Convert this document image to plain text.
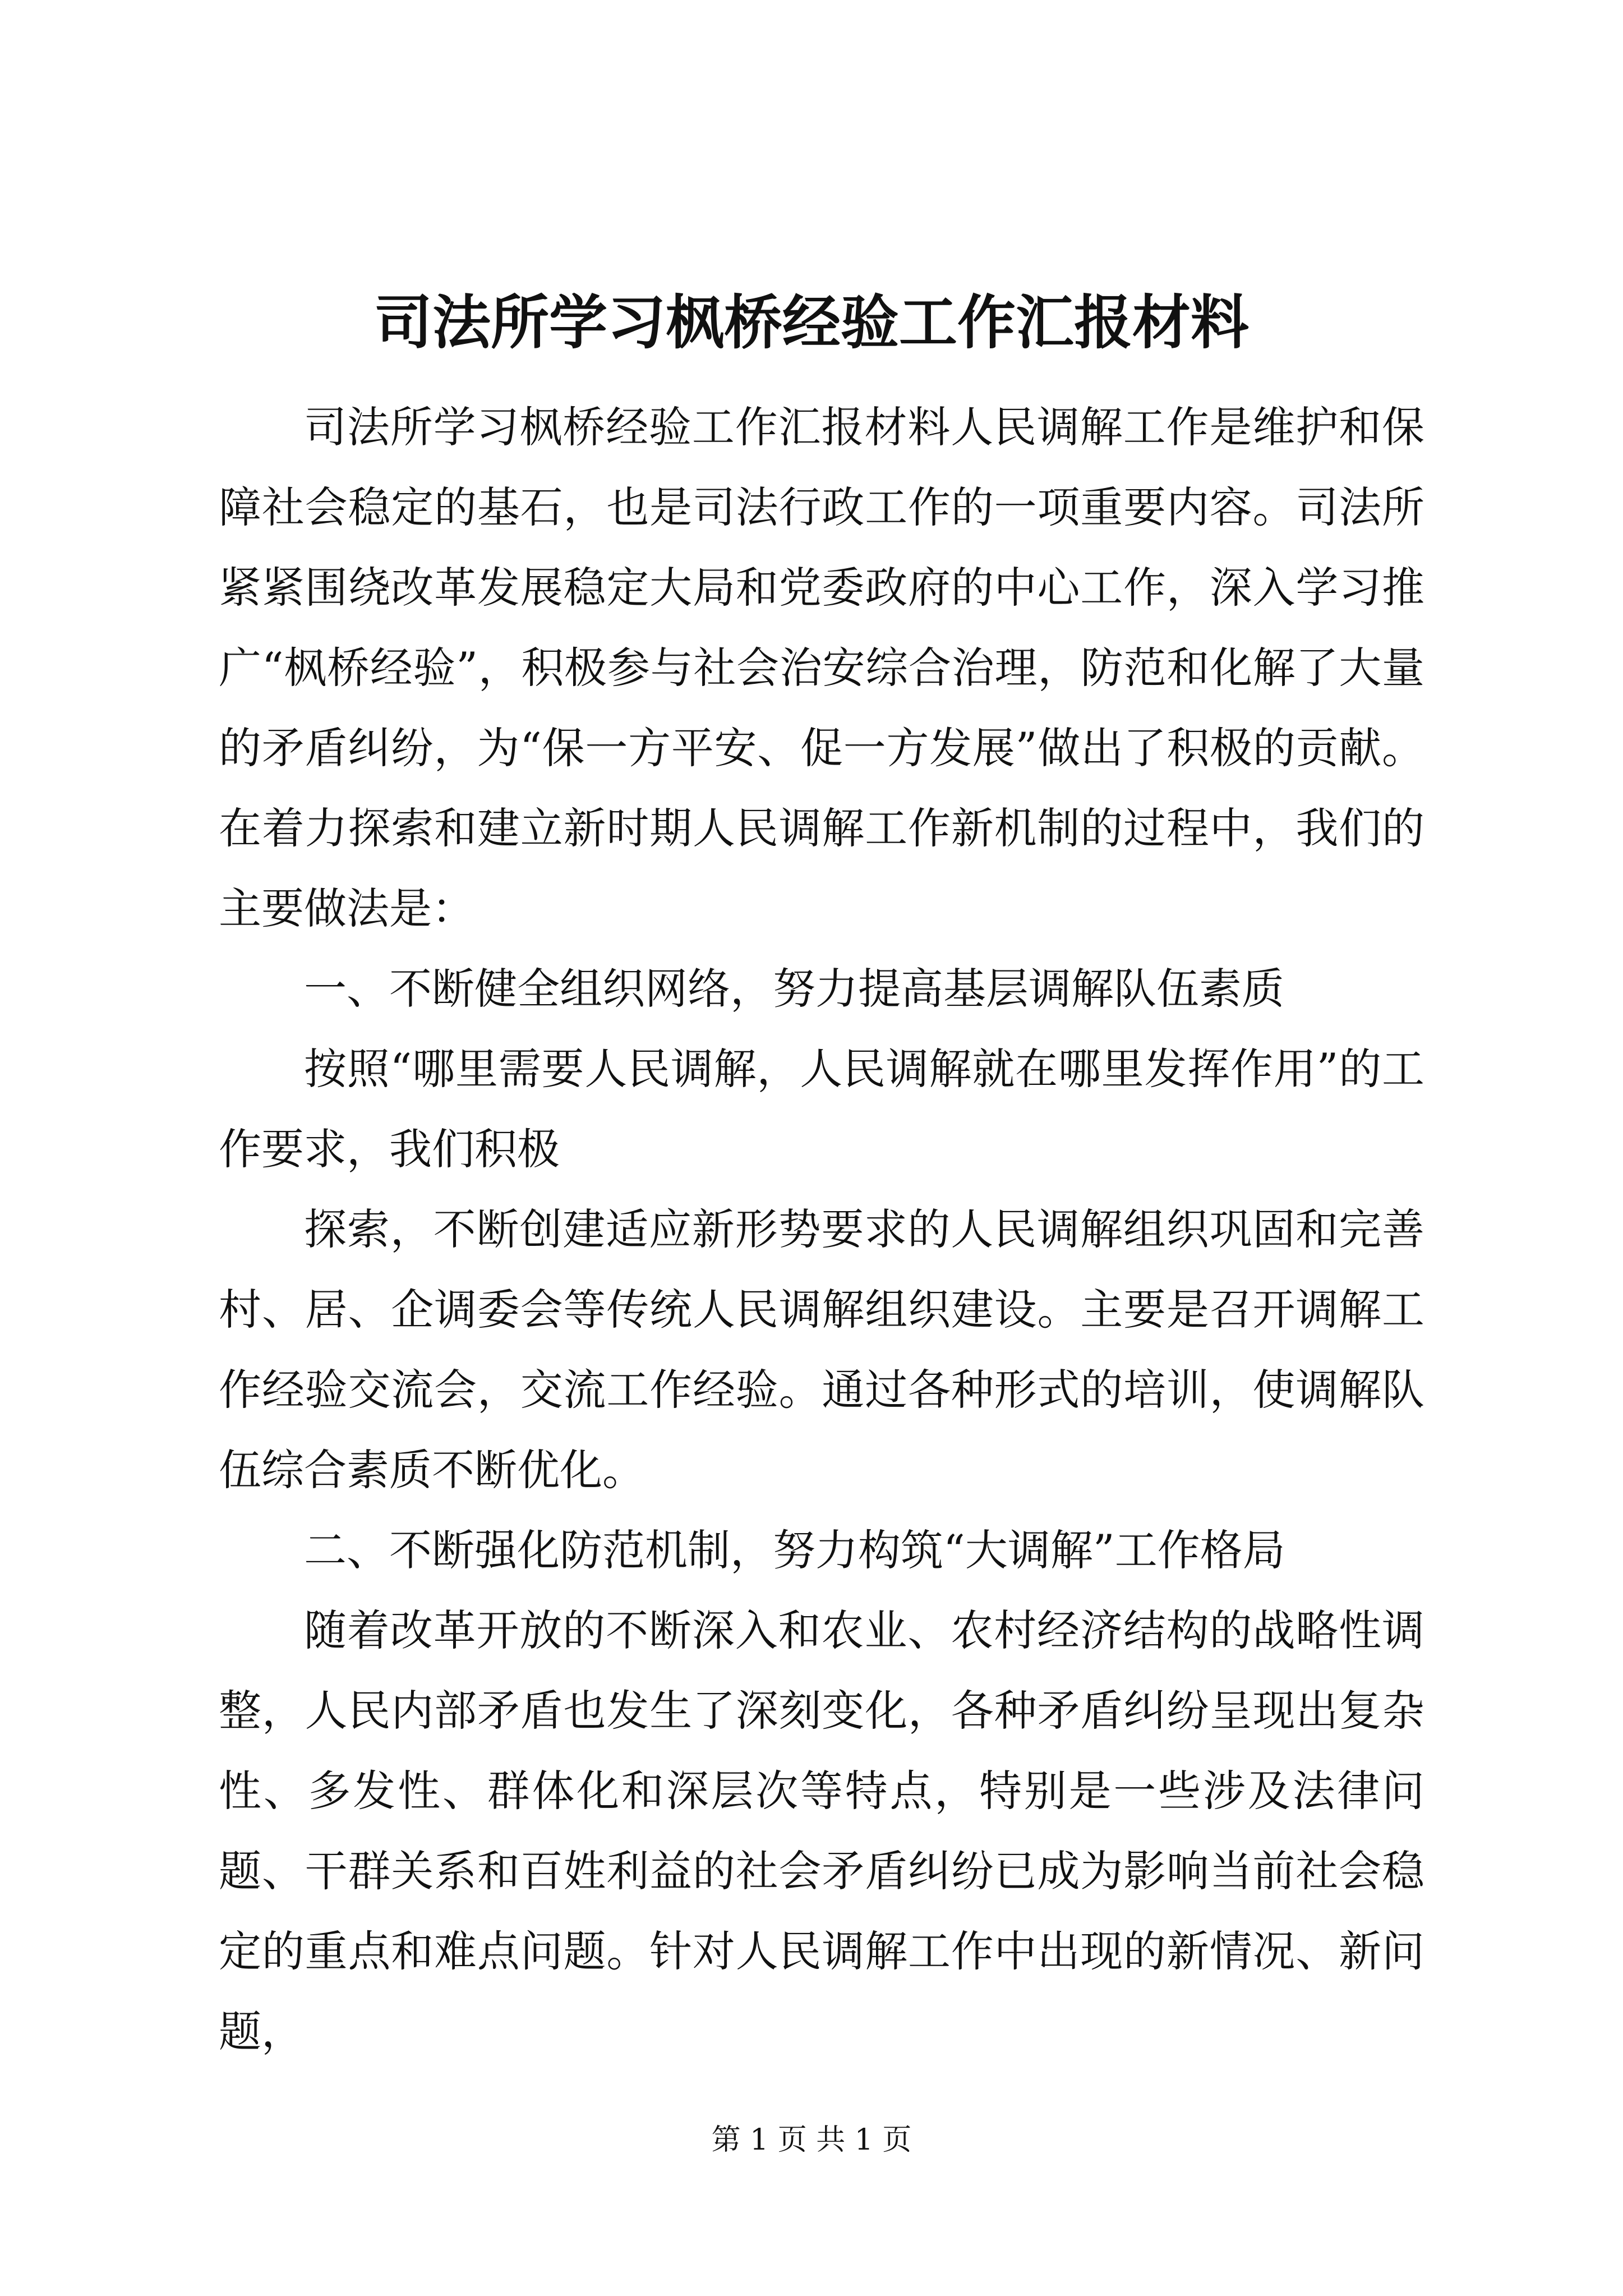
司法所学习枫桥经验工作汇报材料

司法所学习枫桥经验工作汇报材料人民调解工作是维护和保障社会稳定的基石，也是司法行政工作的一项重要内容。司法所紧紧围绕改革发展稳定大局和党委政府的中心工作，深入学习推广“枫桥经验”，积极参与社会治安综合治理，防范和化解了大量的矛盾纠纷，为“保一方平安、促一方发展”做出了积极的贡献。在着力探索和建立新时期人民调解工作新机制的过程中，我们的主要做法是：

一、不断健全组织网络，努力提高基层调解队伍素质

按照“哪里需要人民调解，人民调解就在哪里发挥作用”的工作要求，我们积极

探索，不断创建适应新形势要求的人民调解组织巩固和完善村、居、企调委会等传统人民调解组织建设。主要是召开调解工作经验交流会，交流工作经验。通过各种形式的培训，使调解队伍综合素质不断优化。

二、不断强化防范机制，努力构筑“大调解”工作格局

随着改革开放的不断深入和农业、农村经济结构的战略性调整，人民内部矛盾也发生了深刻变化，各种矛盾纠纷呈现出复杂性、多发性、群体化和深层次等特点，特别是一些涉及法律问题、干群关系和百姓利益的社会矛盾纠纷已成为影响当前社会稳定的重点和难点问题。针对人民调解工作中出现的新情况、新问题，

第 1 页 共 1 页
